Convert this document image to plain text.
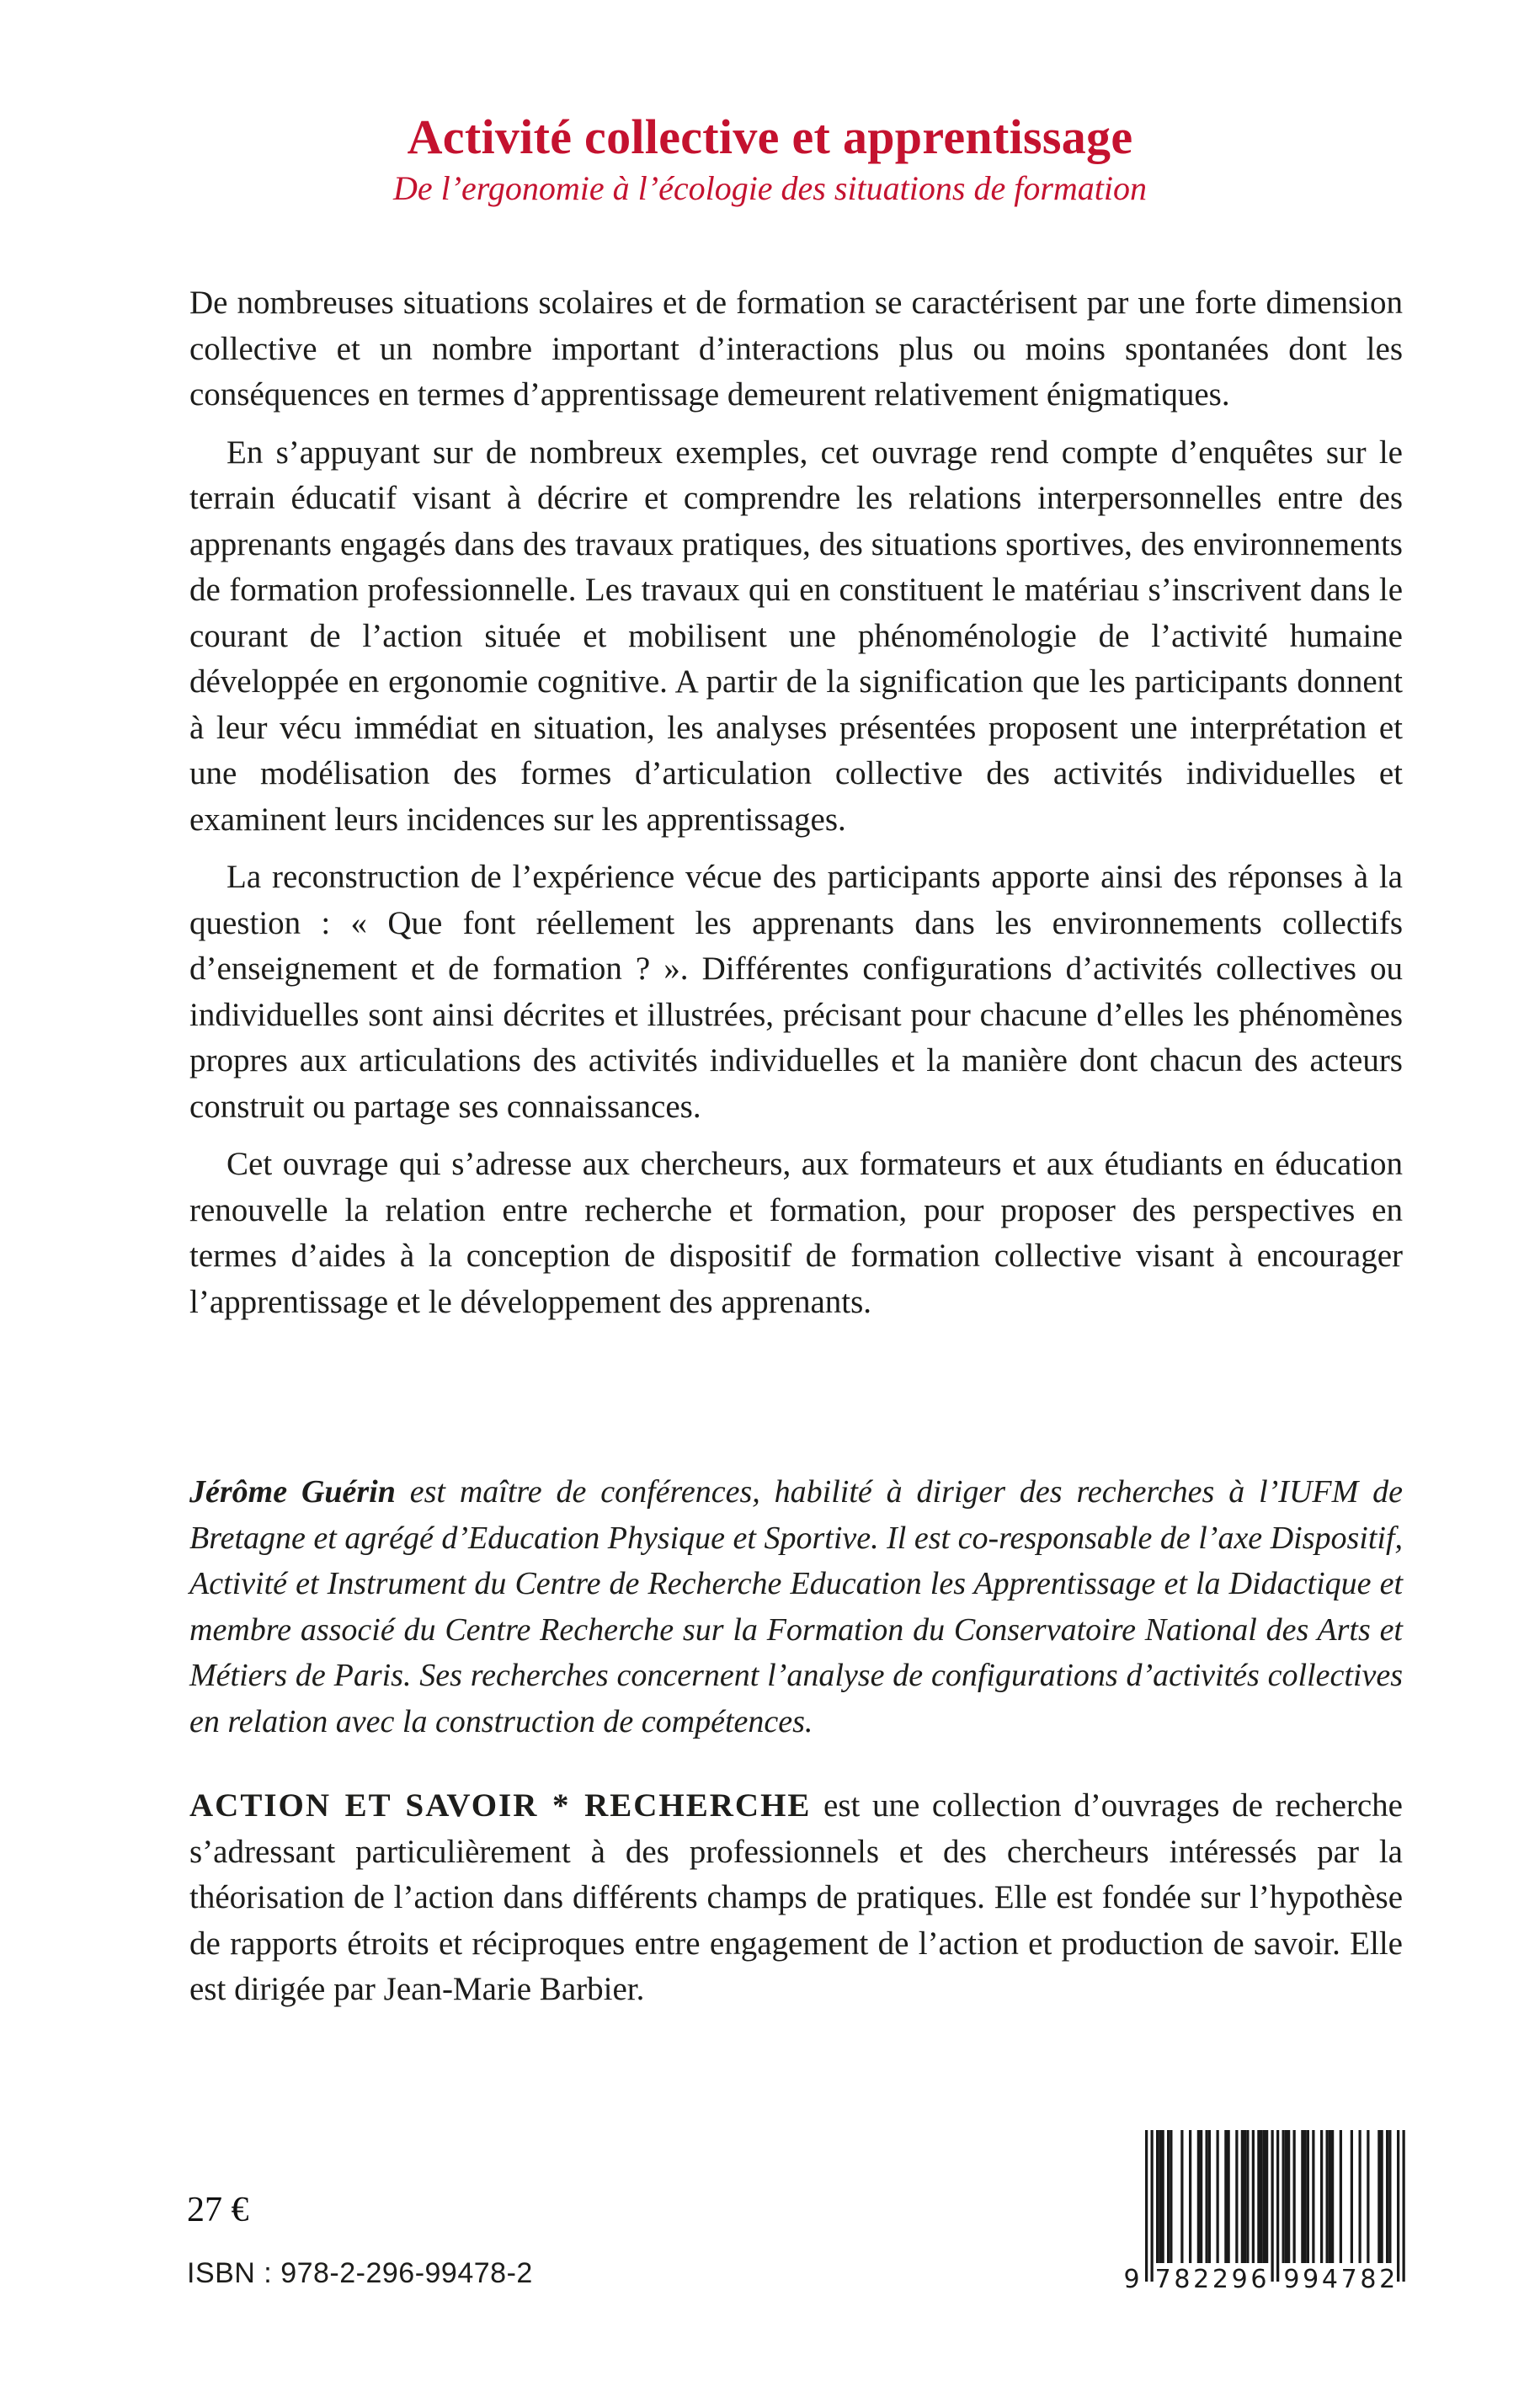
Activité collective et apprentissage

De l’ergonomie à l’écologie des situations de formation

De nombreuses situations scolaires et de formation se caractérisent par une forte dimension collective et un nombre important d’interactions plus ou moins spontanées dont les conséquences en termes d’apprentissage demeurent relativement énigmatiques.

En s’appuyant sur de nombreux exemples, cet ouvrage rend compte d’enquêtes sur le terrain éducatif visant à décrire et comprendre les relations interpersonnelles entre des apprenants engagés dans des travaux pratiques, des situations sportives, des environnements de formation professionnelle. Les travaux qui en constituent le matériau s’inscrivent dans le courant de l’action située et mobilisent une phénoménologie de l’activité humaine développée en ergonomie cognitive. A partir de la signification que les participants donnent à leur vécu immédiat en situation, les analyses présentées proposent une interprétation et une modélisation des formes d’articulation collective des activités individuelles et examinent leurs incidences sur les apprentissages.

La reconstruction de l’expérience vécue des participants apporte ainsi des réponses à la question : « Que font réellement les apprenants dans les environnements collectifs d’enseignement et de formation ? ». Différentes configurations d’activités collectives ou individuelles sont ainsi décrites et illustrées, précisant pour chacune d’elles les phénomènes propres aux articulations des activités individuelles et la manière dont chacun des acteurs construit ou partage ses connaissances.

Cet ouvrage qui s’adresse aux chercheurs, aux formateurs et aux étudiants en éducation renouvelle la relation entre recherche et formation, pour proposer des perspectives en termes d’aides à la conception de dispositif de formation collective visant à encourager l’apprentissage et le développement des apprenants.

Jérôme Guérin est maître de conférences, habilité à diriger des recherches à l’IUFM de Bretagne et agrégé d’Education Physique et Sportive. Il est co-responsable de l’axe Dispositif, Activité et Instrument du Centre de Recherche Education les Apprentissage et la Didactique et membre associé du Centre Recherche sur la Formation du Conservatoire National des Arts et Métiers de Paris. Ses recherches concernent l’analyse de configurations d’activités collectives en relation avec la construction de compétences.

ACTION ET SAVOIR * RECHERCHE est une collection d’ouvrages de recherche s’adressant particulièrement à des professionnels et des chercheurs intéressés par la théorisation de l’action dans différents champs de pratiques. Elle est fondée sur l’hypothèse de rapports étroits et réciproques entre engagement de l’action et production de savoir. Elle est dirigée par Jean-Marie Barbier.

27 €
ISBN : 978-2-296-99478-2	9 7 8 2 2 9 6 9 9 4 7 8 2
